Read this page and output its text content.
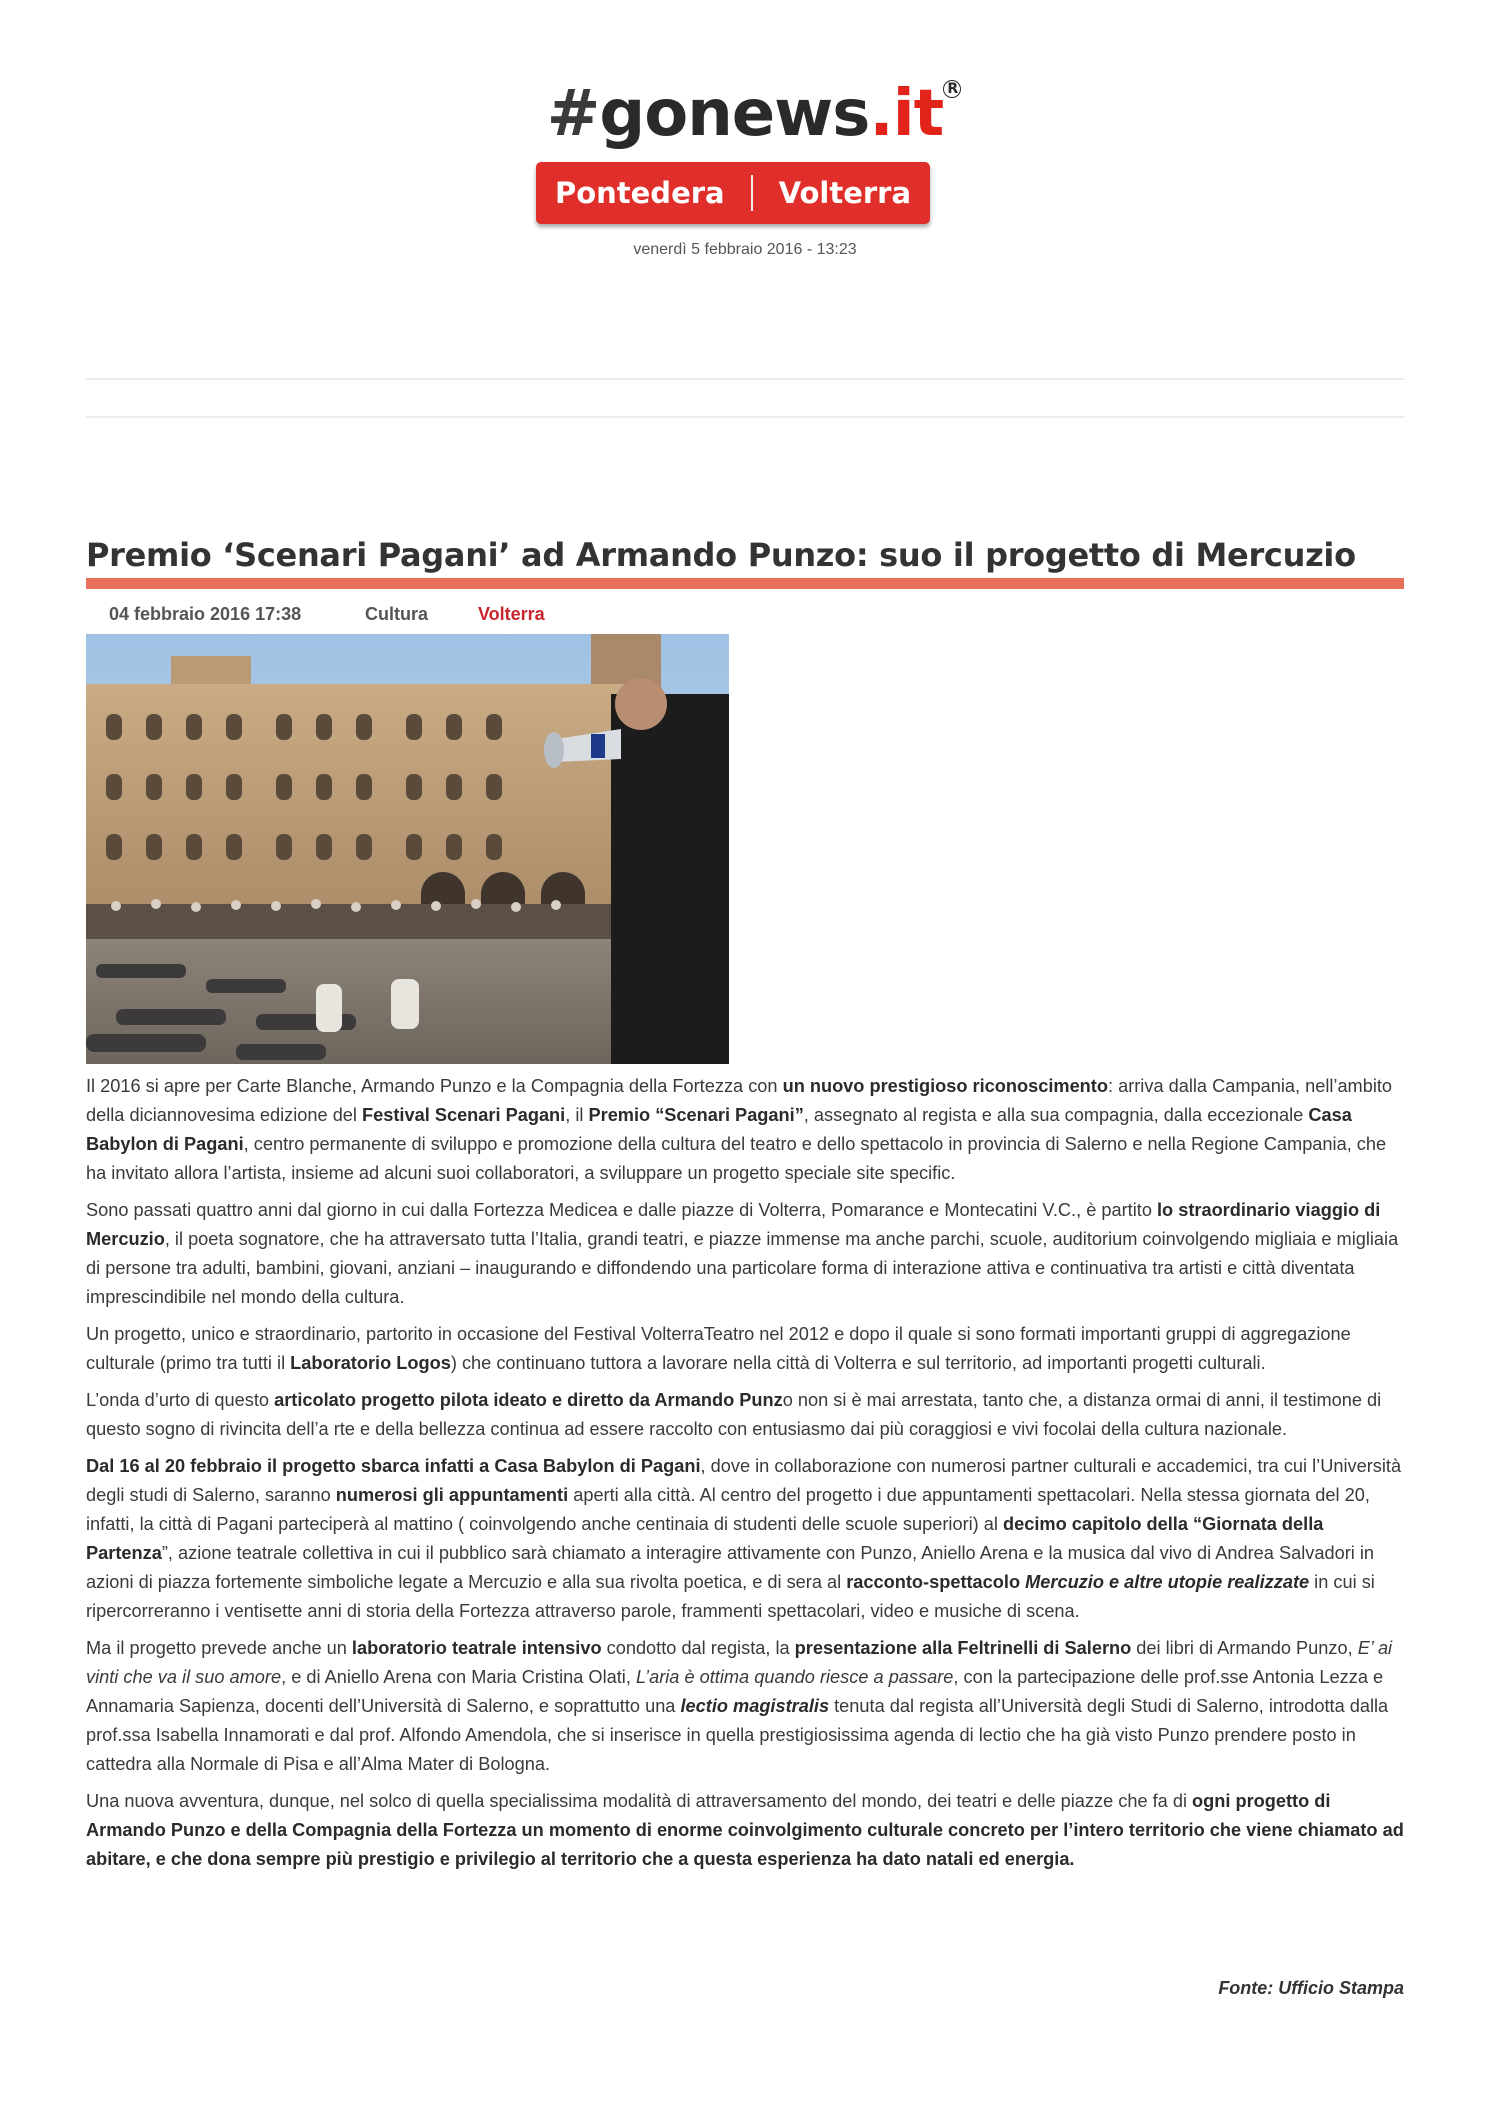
#gonews.it R
Pontedera Volterra
venerdì 5 febbraio 2016 - 13:23
Premio ‘Scenari Pagani’ ad Armando Punzo: suo il progetto di Mercuzio
04 febbraio 2016 17:38	Cultura	Volterra

Il 2016 si apre per Carte Blanche, Armando Punzo e la Compagnia della Fortezza con un nuovo prestigioso riconoscimento: arriva dalla Campania, nell’ambito della diciannovesima edizione del Festival Scenari Pagani, il Premio “Scenari Pagani”, assegnato al regista e alla sua compagnia, dalla eccezionale Casa Babylon di Pagani, centro permanente di sviluppo e promozione della cultura del teatro e dello spettacolo in provincia di Salerno e nella Regione Campania, che ha invitato allora l’artista, insieme ad alcuni suoi collaboratori, a sviluppare un progetto speciale site specific.

Sono passati quattro anni dal giorno in cui dalla Fortezza Medicea e dalle piazze di Volterra, Pomarance e Montecatini V.C., è partito lo straordinario viaggio di Mercuzio, il poeta sognatore, che ha attraversato tutta l’Italia, grandi teatri, e piazze immense ma anche parchi, scuole, auditorium coinvolgendo migliaia e migliaia di persone tra adulti, bambini, giovani, anziani – inaugurando e diffondendo una particolare forma di interazione attiva e continuativa tra artisti e città diventata imprescindibile nel mondo della cultura.

Un progetto, unico e straordinario, partorito in occasione del Festival VolterraTeatro nel 2012 e dopo il quale si sono formati importanti gruppi di aggregazione culturale (primo tra tutti il Laboratorio Logos) che continuano tuttora a lavorare nella città di Volterra e sul territorio, ad importanti progetti culturali.

L’onda d’urto di questo articolato progetto pilota ideato e diretto da Armando Punzo non si è mai arrestata, tanto che, a distanza ormai di anni, il testimone di questo sogno di rivincita dell’a rte e della bellezza continua ad essere raccolto con entusiasmo dai più coraggiosi e vivi focolai della cultura nazionale.

Dal 16 al 20 febbraio il progetto sbarca infatti a Casa Babylon di Pagani, dove in collaborazione con numerosi partner culturali e accademici, tra cui l’Università degli studi di Salerno, saranno numerosi gli appuntamenti aperti alla città. Al centro del progetto i due appuntamenti spettacolari. Nella stessa giornata del 20, infatti, la città di Pagani parteciperà al mattino ( coinvolgendo anche centinaia di studenti delle scuole superiori) al decimo capitolo della “Giornata della Partenza”, azione teatrale collettiva in cui il pubblico sarà chiamato a interagire attivamente con Punzo, Aniello Arena e la musica dal vivo di Andrea Salvadori in azioni di piazza fortemente simboliche legate a Mercuzio e alla sua rivolta poetica, e di sera al racconto-spettacolo Mercuzio e altre utopie realizzate in cui si ripercorreranno i ventisette anni di storia della Fortezza attraverso parole, frammenti spettacolari, video e musiche di scena.

Ma il progetto prevede anche un laboratorio teatrale intensivo condotto dal regista, la presentazione alla Feltrinelli di Salerno dei libri di Armando Punzo, E’ ai vinti che va il suo amore, e di Aniello Arena con Maria Cristina Olati, L’aria è ottima quando riesce a passare, con la partecipazione delle prof.sse Antonia Lezza e Annamaria Sapienza, docenti dell’Università di Salerno, e soprattutto una lectio magistralis tenuta dal regista all’Università degli Studi di Salerno, introdotta dalla prof.ssa Isabella Innamorati e dal prof. Alfondo Amendola, che si inserisce in quella prestigiosissima agenda di lectio che ha già visto Punzo prendere posto in cattedra alla Normale di Pisa e all’Alma Mater di Bologna.

Una nuova avventura, dunque, nel solco di quella specialissima modalità di attraversamento del mondo, dei teatri e delle piazze che fa di ogni progetto di Armando Punzo e della Compagnia della Fortezza un momento di enorme coinvolgimento culturale concreto per l’intero territorio che viene chiamato ad abitare, e che dona sempre più prestigio e privilegio al territorio che a questa esperienza ha dato natali ed energia.

Fonte: Ufficio Stampa
